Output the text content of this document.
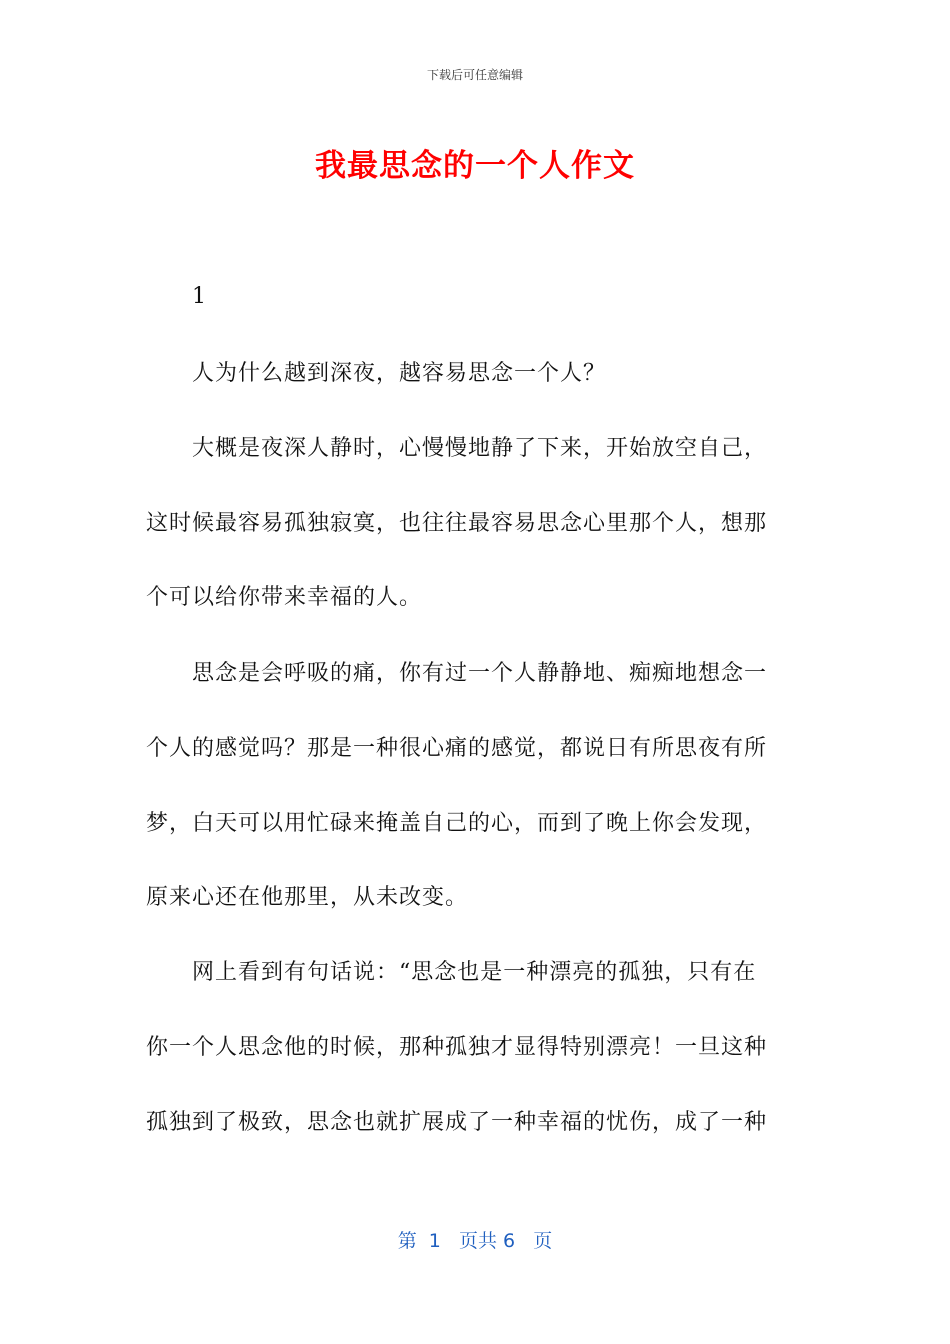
下载后可任意编辑
我最思念的一个人作文
1
人为什么越到深夜，越容易思念一个人？
大概是夜深人静时，心慢慢地静了下来，开始放空自己，
这时候最容易孤独寂寞，也往往最容易思念心里那个人，想那
个可以给你带来幸福的人。
思念是会呼吸的痛，你有过一个人静静地、痴痴地想念一
个人的感觉吗？那是一种很心痛的感觉，都说日有所思夜有所
梦，白天可以用忙碌来掩盖自己的心，而到了晚上你会发现，
原来心还在他那里，从未改变。
网上看到有句话说：“思念也是一种漂亮的孤独，只有在
你一个人思念他的时候，那种孤独才显得特别漂亮！一旦这种
孤独到了极致，思念也就扩展成了一种幸福的忧伤，成了一种
第  1   页共 6   页
